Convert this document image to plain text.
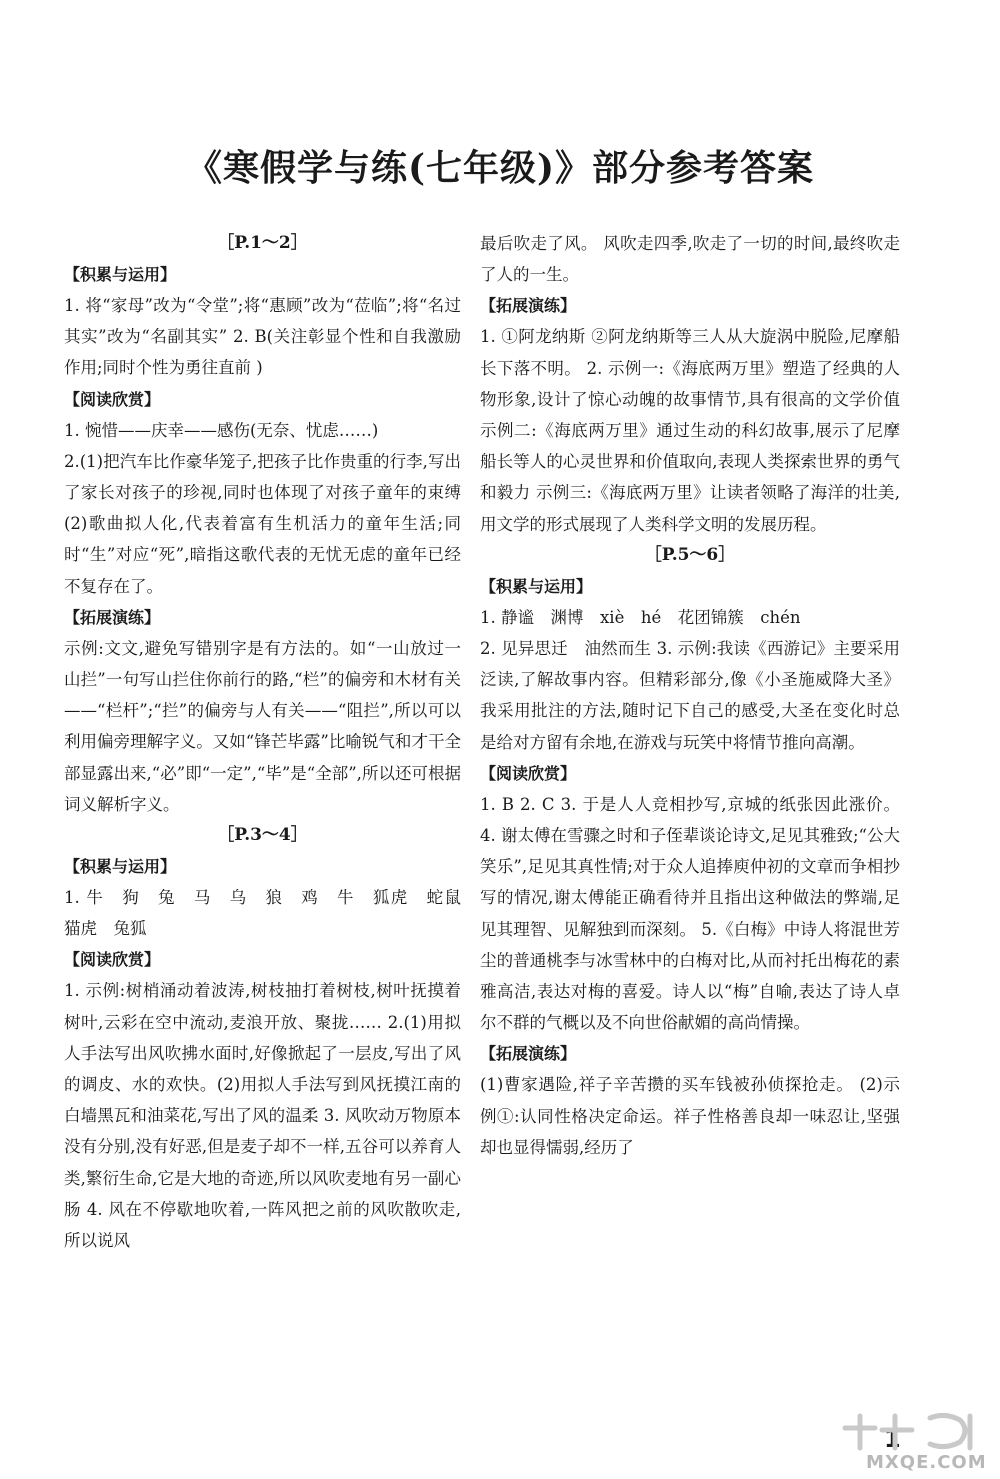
《寒假学与练(七年级)》部分参考答案
［P.1～2］
【积累与运用】
1. 将“家母”改为“令堂”;将“惠顾”改为“莅临”;将“名过其实”改为“名副其实” 2. B(关注彰显个性和自我激励作用;同时个性为勇往直前 )
【阅读欣赏】
1. 惋惜——庆幸——感伤(无奈、忧虑……)
2.(1)把汽车比作豪华笼子,把孩子比作贵重的行李,写出了家长对孩子的珍视,同时也体现了对孩子童年的束缚 (2)歌曲拟人化,代表着富有生机活力的童年生活;同时“生”对应“死”,暗指这歌代表的无忧无虑的童年已经不复存在了。
【拓展演练】
示例:文文,避免写错别字是有方法的。如“一山放过一山拦”一句写山拦住你前行的路,“栏”的偏旁和木材有关——“栏杆”;“拦”的偏旁与人有关——“阻拦”,所以可以利用偏旁理解字义。又如“锋芒毕露”比喻锐气和才干全部显露出来,“必”即“一定”,“毕”是“全部”,所以还可根据词义解析字义。
［P.3～4］
【积累与运用】
1. 牛　狗　兔　马　乌　狼　鸡　牛　狐虎　蛇鼠　猫虎　兔狐
【阅读欣赏】
1. 示例:树梢涌动着波涛,树枝抽打着树枝,树叶抚摸着树叶,云彩在空中流动,麦浪开放、聚拢…… 2.(1)用拟人手法写出风吹拂水面时,好像掀起了一层皮,写出了风的调皮、水的欢快。(2)用拟人手法写到风抚摸江南的白墙黑瓦和油菜花,写出了风的温柔 3. 风吹动万物原本没有分别,没有好恶,但是麦子却不一样,五谷可以养育人类,繁衍生命,它是大地的奇迹,所以风吹麦地有另一副心肠 4. 风在不停歇地吹着,一阵风把之前的风吹散吹走,所以说风
最后吹走了风。 风吹走四季,吹走了一切的时间,最终吹走了人的一生。
【拓展演练】
1. ①阿龙纳斯 ②阿龙纳斯等三人从大旋涡中脱险,尼摩船长下落不明。 2. 示例一:《海底两万里》塑造了经典的人物形象,设计了惊心动魄的故事情节,具有很高的文学价值 示例二:《海底两万里》通过生动的科幻故事,展示了尼摩船长等人的心灵世界和价值取向,表现人类探索世界的勇气和毅力 示例三:《海底两万里》让读者领略了海洋的壮美,用文学的形式展现了人类科学文明的发展历程。
［P.5～6］
【积累与运用】
1. 静谧　渊博　xiè　hé　花团锦簇　chén
2. 见异思迁　油然而生 3. 示例:我读《西游记》主要采用泛读,了解故事内容。但精彩部分,像《小圣施威降大圣》我采用批注的方法,随时记下自己的感受,大圣在变化时总是给对方留有余地,在游戏与玩笑中将情节推向高潮。
【阅读欣赏】
1. B 2. C 3. 于是人人竞相抄写,京城的纸张因此涨价。 4. 谢太傅在雪骤之时和子侄辈谈论诗文,足见其雅致;“公大笑乐”,足见其真性情;对于众人追捧庾仲初的文章而争相抄写的情况,谢太傅能正确看待并且指出这种做法的弊端,足见其理智、见解独到而深刻。 5.《白梅》中诗人将混世芳尘的普通桃李与冰雪林中的白梅对比,从而衬托出梅花的素雅高洁,表达对梅的喜爱。诗人以“梅”自喻,表达了诗人卓尔不群的气概以及不向世俗献媚的高尚情操。
【拓展演练】
(1)曹家遇险,祥子辛苦攒的买车钱被孙侦探抢走。 (2)示例①:认同性格决定命运。祥子性格善良却一味忍让,坚强却也显得懦弱,经历了
1
MXQE.COM
